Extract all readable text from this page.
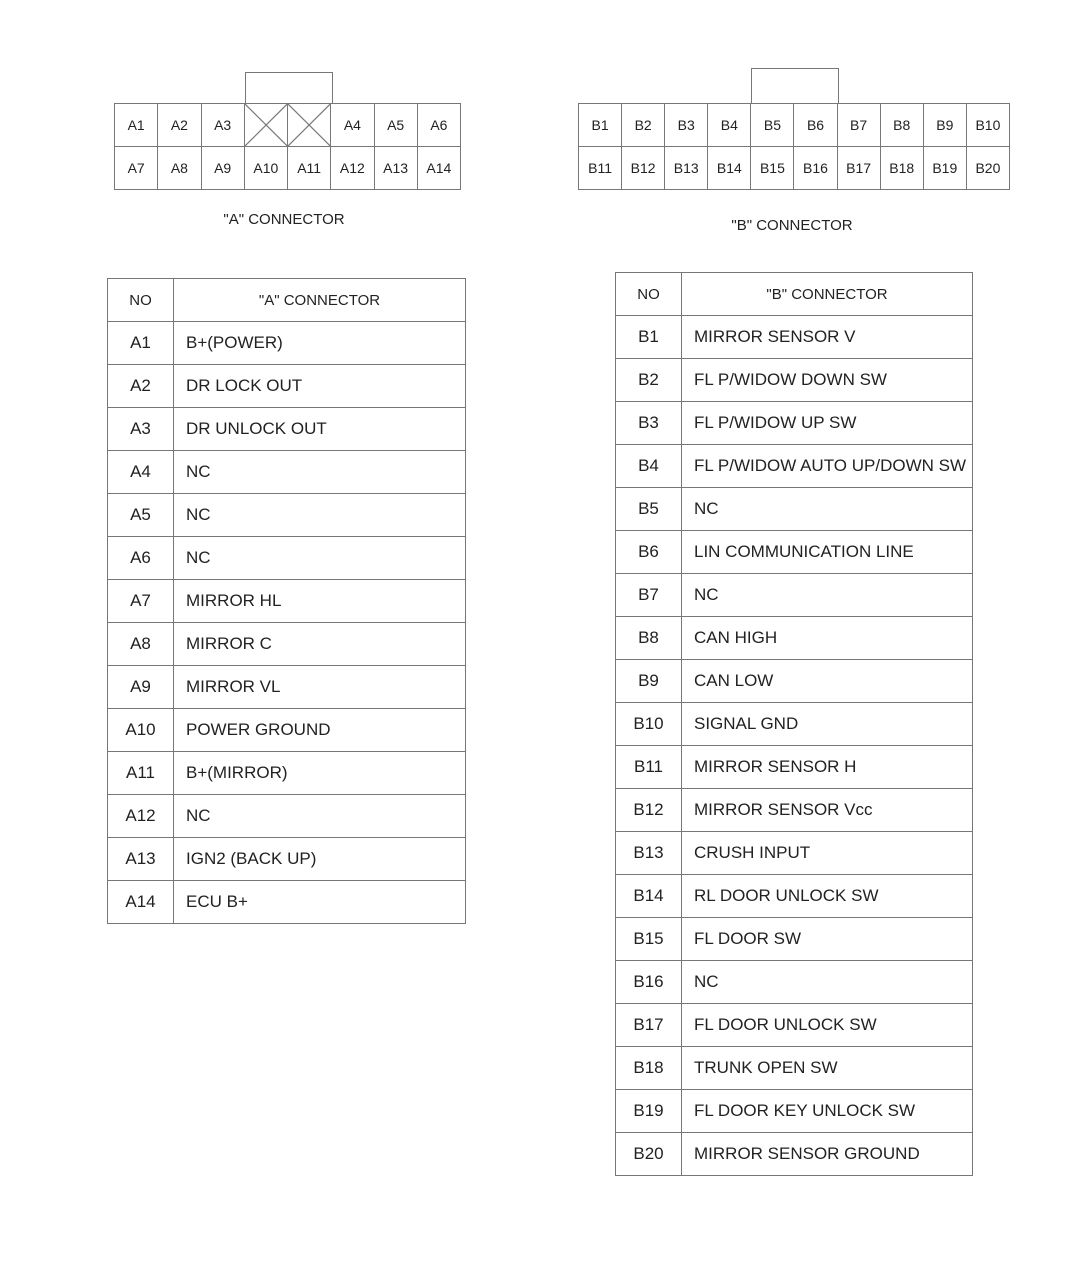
A1	A2	A3			A4	A5	A6
A7	A8	A9	A10	A11	A12	A13	A14
"A" CONNECTOR
B1	B2	B3	B4	B5	B6	B7	B8	B9	B10
B11	B12	B13	B14	B15	B16	B17	B18	B19	B20
"B" CONNECTOR
NO	"A" CONNECTOR
A1	B+(POWER)
A2	DR LOCK OUT
A3	DR UNLOCK OUT
A4	NC
A5	NC
A6	NC
A7	MIRROR HL
A8	MIRROR C
A9	MIRROR VL
A10	POWER GROUND
A11	B+(MIRROR)
A12	NC
A13	IGN2 (BACK UP)
A14	ECU B+
NO	"B" CONNECTOR
B1	MIRROR SENSOR V
B2	FL P/WIDOW DOWN SW
B3	FL P/WIDOW UP SW
B4	FL P/WIDOW AUTO UP/DOWN SW
B5	NC
B6	LIN COMMUNICATION LINE
B7	NC
B8	CAN HIGH
B9	CAN LOW
B10	SIGNAL GND
B11	MIRROR SENSOR H
B12	MIRROR SENSOR Vcc
B13	CRUSH INPUT
B14	RL DOOR UNLOCK SW
B15	FL DOOR SW
B16	NC
B17	FL DOOR UNLOCK SW
B18	TRUNK OPEN SW
B19	FL DOOR KEY UNLOCK SW
B20	MIRROR SENSOR GROUND
